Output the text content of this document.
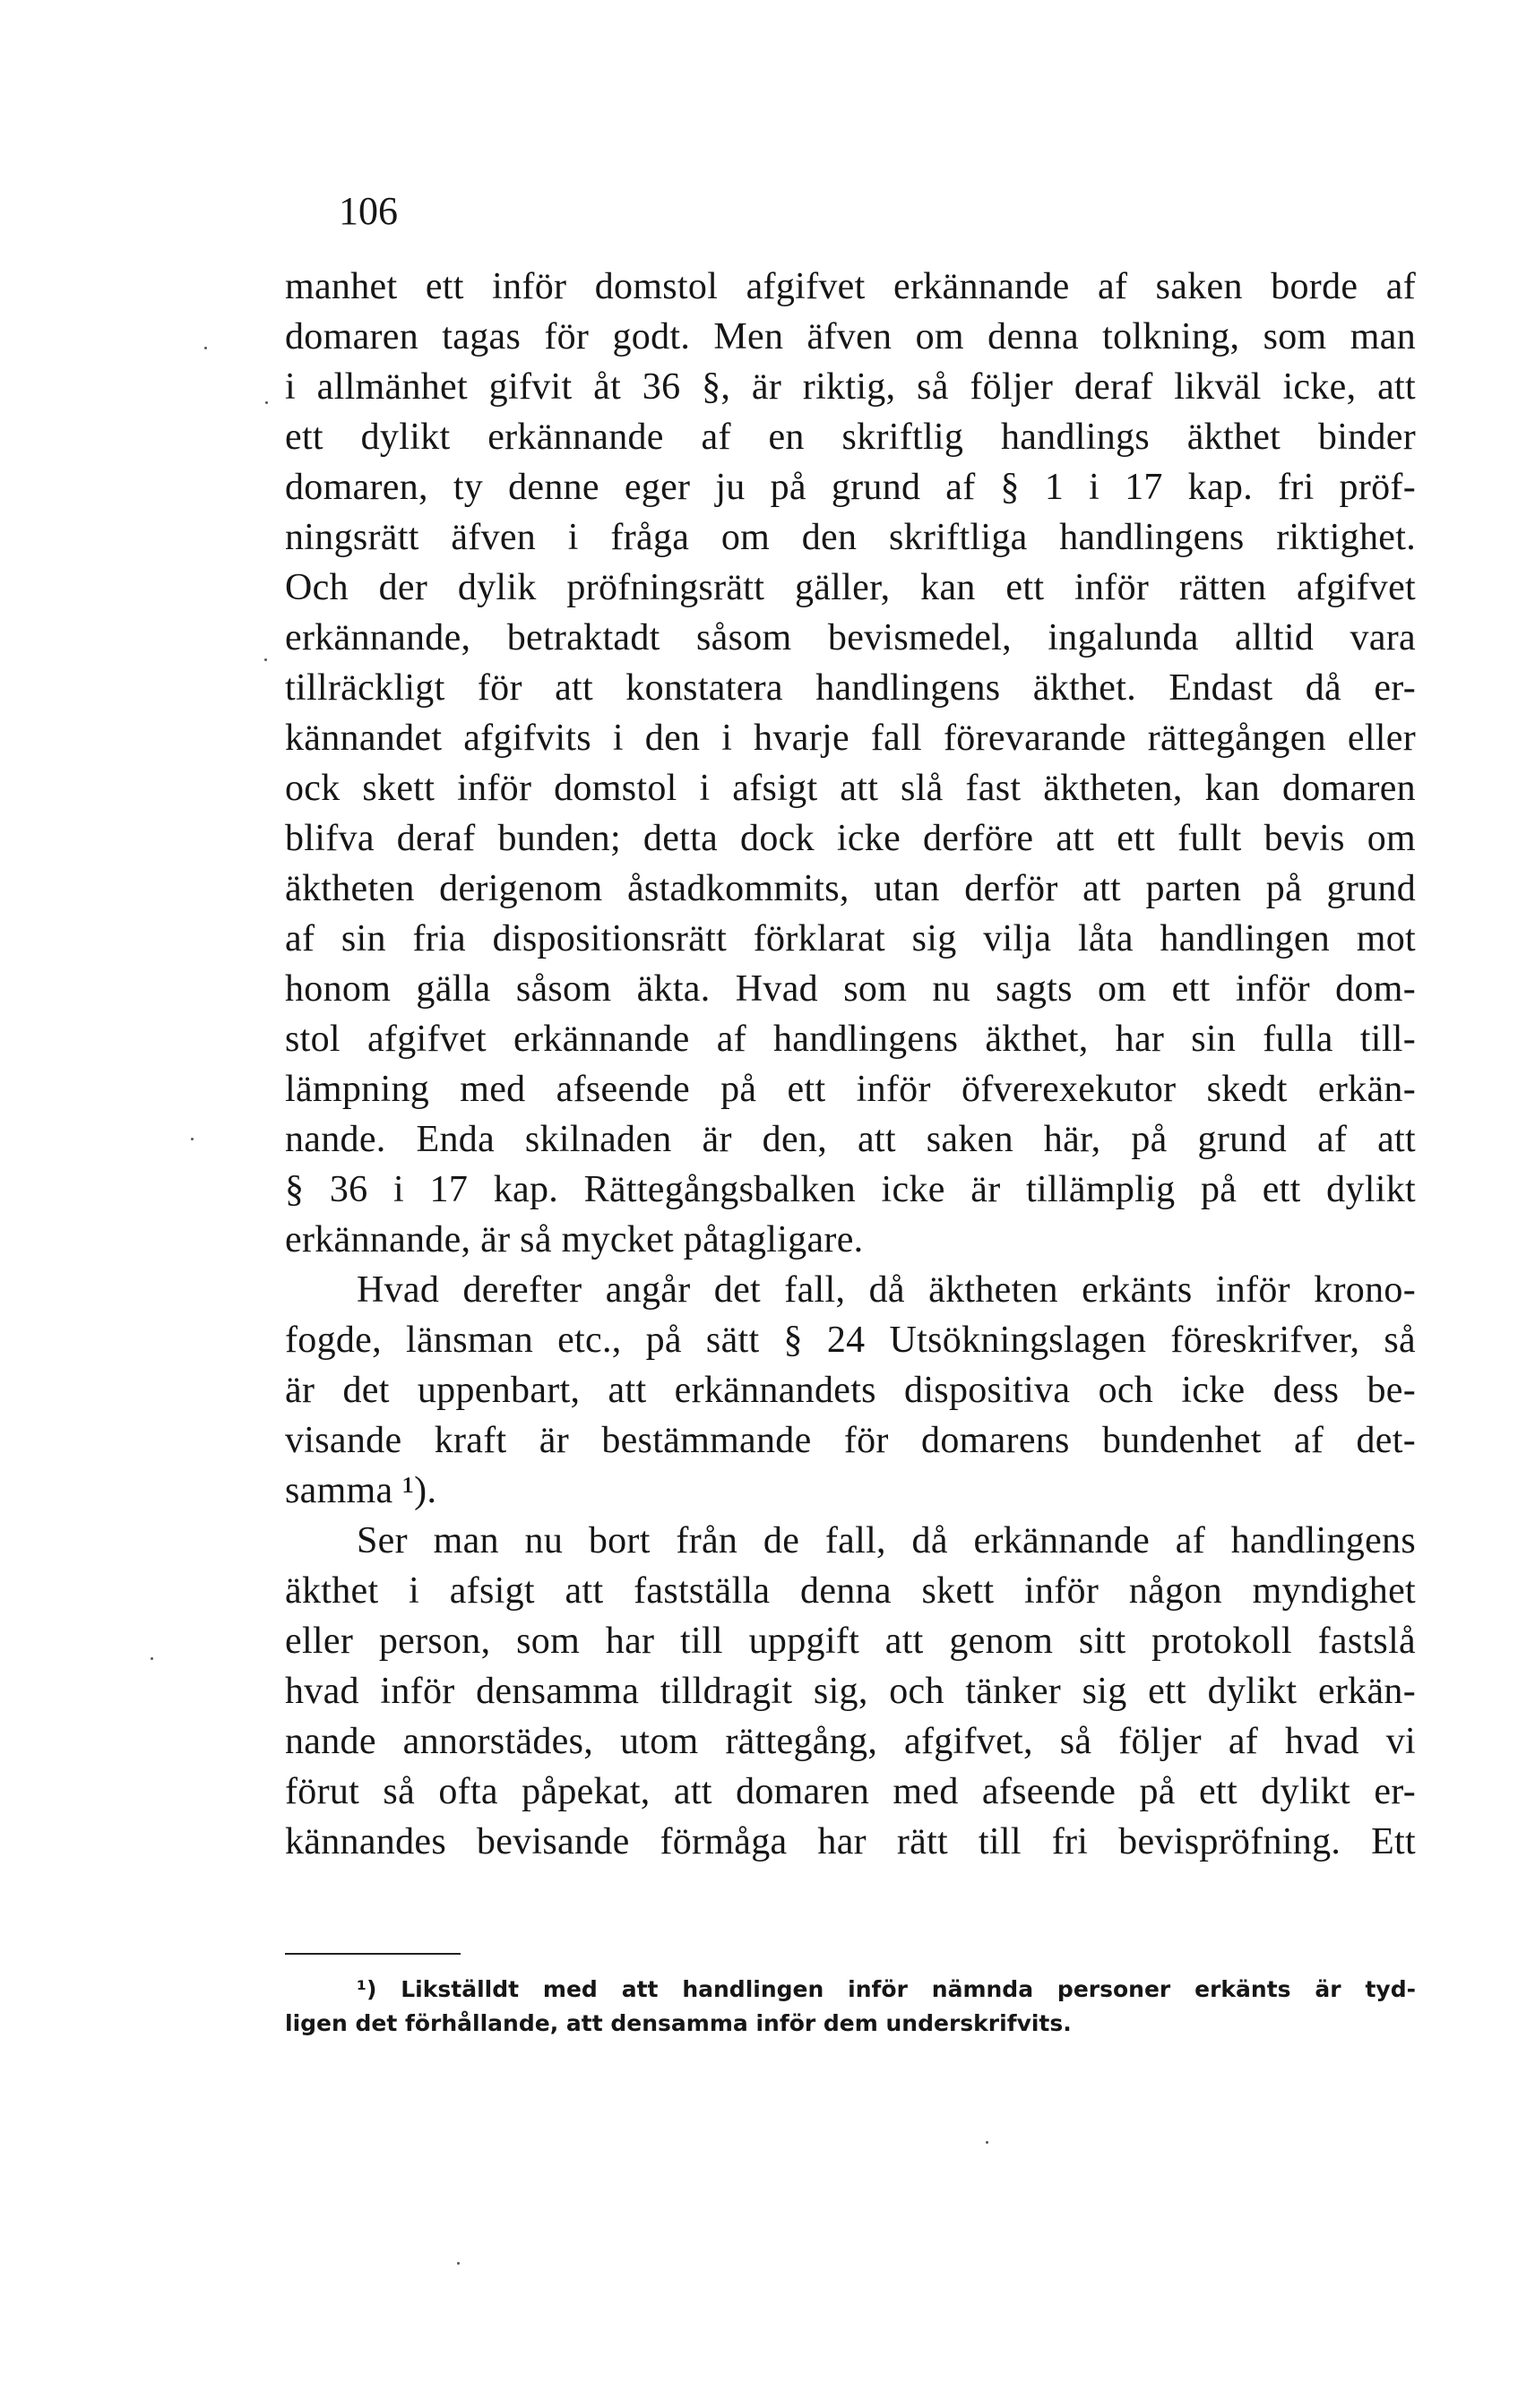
106
manhet ett inför domstol afgifvet erkännande af saken borde af
domaren tagas för godt. Men äfven om denna tolkning, som man
i allmänhet gifvit åt 36 §, är riktig, så följer deraf likväl icke, att
ett dylikt erkännande af en skriftlig handlings äkthet binder
domaren, ty denne eger ju på grund af § 1 i 17 kap. fri pröf-
ningsrätt äfven i fråga om den skriftliga handlingens riktighet.
Och der dylik pröfningsrätt gäller, kan ett inför rätten afgifvet
erkännande, betraktadt såsom bevismedel, ingalunda alltid vara
tillräckligt för att konstatera handlingens äkthet. Endast då er-
kännandet afgifvits i den i hvarje fall förevarande rättegången eller
ock skett inför domstol i afsigt att slå fast äktheten, kan domaren
blifva deraf bunden; detta dock icke derföre att ett fullt bevis om
äktheten derigenom åstadkommits, utan derför att parten på grund
af sin fria dispositionsrätt förklarat sig vilja låta handlingen mot
honom gälla såsom äkta. Hvad som nu sagts om ett inför dom-
stol afgifvet erkännande af handlingens äkthet, har sin fulla till-
lämpning med afseende på ett inför öfverexekutor skedt erkän-
nande. Enda skilnaden är den, att saken här, på grund af att
§ 36 i 17 kap. Rättegångsbalken icke är tillämplig på ett dylikt
erkännande, är så mycket påtagligare.
Hvad derefter angår det fall, då äktheten erkänts inför krono-
fogde, länsman etc., på sätt § 24 Utsökningslagen föreskrifver, så
är det uppenbart, att erkännandets dispositiva och icke dess be-
visande kraft är bestämmande för domarens bundenhet af det-
samma ¹).
Ser man nu bort från de fall, då erkännande af handlingens
äkthet i afsigt att fastställa denna skett inför någon myndighet
eller person, som har till uppgift att genom sitt protokoll fastslå
hvad inför densamma tilldragit sig, och tänker sig ett dylikt erkän-
nande annorstädes, utom rättegång, afgifvet, så följer af hvad vi
förut så ofta påpekat, att domaren med afseende på ett dylikt er-
kännandes bevisande förmåga har rätt till fri bevispröfning. Ett
¹) Likställdt med att handlingen inför nämnda personer erkänts är tyd-
ligen det förhållande, att densamma inför dem underskrifvits.
